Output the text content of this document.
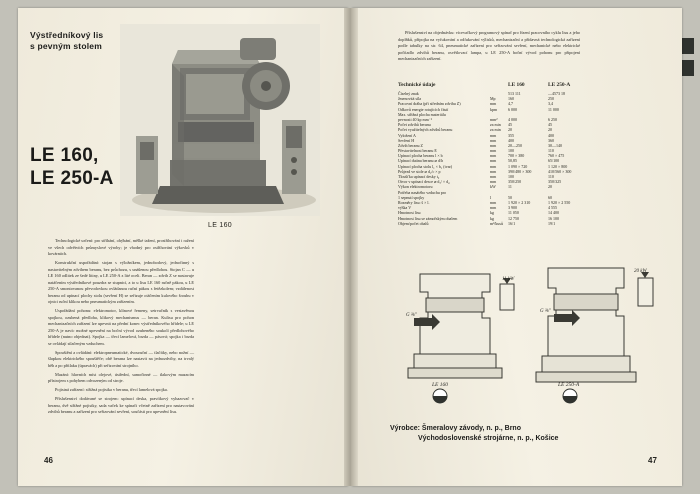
Výstředníkový lis
s pevným stolem
LE 160
LE 160,
LE 250-A

Technologické určení: pro stříhání, ohýbání, mělké tažení, prostřihování i ražení ve všech odvětvích průmyslové výroby; je vhodný pro ostřihování výkovků v kovárnách.

Konstrukční uspořádání: stojan s výložníkem, jednobodový, jednočinný s nastavitelným zdvihem beranu, bez průchozu, s unášenou předlohou. Stojan C — u LE 160 odlitek ze šedé litiny, u LE 250-A z lité oceli. Beran — zdvih Z se nastavuje natáčením výstředníkové pouzdra se stupnicí, a to u lisu LE 160 ručně pákou, u LE 250-A smontovanou převodovkou ovládanou ruční pákou s řetězkolem; vzdálenost beranu od upínací plochy stolu (sevření H) se seřizuje otáčením kulového šroubu v ojnici ruční klikou nebo pneumatickým zařízením.

Uspořádání pohonu: elektromotor, klínové řemeny, setrvačník s vestavěnou spojkou, ozubená předloha, klikový mechanismus — beran. Kulisu pro pohon mechanizačních zařízení lze upevnit na přední konec výstředníkového hřídele; u LE 250-A je navíc možné upevnění na boční vývod ozubeného soukolí předlohového hřídele (nutno objednat). Spojka — třecí lamelová, brzda — pásová; spojka i brzda se ovládají stlačeným vzduchem.

Spouštění a ovládání: elektropneumatické, dvouruční — tlačítky, nebo nožní — šlapkou elektrického spouštěče; obě berana lze nastavit na jednozdvihy, na trvalý běh a po přítlaku (úpravách) při seřizování strojního.

Mazání: hlavních míst olejové, ústřední, samočinné — tlakovým mazacím přístrojem s pohybem odvozeným od stroje.

Pojistná zařízení: střižná pojistka v beranu, třecí lamelová spojka.

Příslušenství dodávané se strojem: upínací deska, pravítkový vyhazovač v beranu, dvě střižné pojistky, sada vaček ke spínači včetně zařízení pro nastavování zdvihů beranu a zařízení pro seřizování sevření, součásti pro upevnění lisu.

46

Příslušenství na objednávku: vícevačkový programový spínač pro řízení pracovního cyklu lisu a jeho doplňků, přípojka na vyfukování a odfukování výlisků, mechanizační a přídavná technologická zařízení podle tabulky na str. 64, pneumatické zařízení pro seřizování sevření, mechanické nebo elektrické počítadlo zdvihů beranu, osvětlovací lampa, u LE 250-A boční vývod pohonu pro připojení mechanizačních zařízení.

Technické údaje		LE 160	LE 250-A
Číselný znak		513 111	—4573 18
Jmenovitá síla	Mp	160	250
Pracovní dráha (při středním zdvihu Z)	mm	4,7	3,4
Odkovů energie rotujících částí	kpm	6 000	11 000
Max. střižná plocha materiálu			
pevnosti 40 kp mm⁻¹	mm²	4 000	6 250
Počet zdvihů beranu	za min	45	45
Počet využitelných zdvihů beranu	za min	20	20
Vyložení A	mm	355	400
Sevření H	mm	400	360
Zdvih beranu Z	mm	20—250	30—140
Přestavitelnost beranu E	mm	100	110
Upínací plocha beranu l × b	mm	700 × 380	760 × 475
Upínací dutina beranu ⌀ d/h	mm	50,85	65/100
Upínací plocha stolu l₁ × b₁ (tvar)	mm	1 090 × 720	1 120 × 800
Průjezd ve stole ⌀ d₂/c × p	mm	390/480 × 300	410/560 × 300
Tloušťka upínací desky t₀	mm	100	110
Otvor v upínací desce ⌀ d₃/ × d₄	mm	350/250	350/325
Výkon elektromotoru	kW	11	20
Potřeba nasátého vzduchu pro			
1 sepnutí spojky	l	50	60
Rozměry lisu: š × l.	mm	1 920 × 2 310	1 920 × 2 550
výška V	mm	3 900	4 555
Hmotnost lisu	kg	11 050	14 400
Hmotnost lisu se zámořským obalem	kg	12 750	16 100
Objem/počet obalů	m³/kusů	16/1	19/1
11 kW
20 kW
G ⅜"
G ⅜"
LE 160	LE 250-A
Výrobce: Šmeralovy závody, n. p., Brno
Východoslovenské strojárne, n. p., Košice
47
